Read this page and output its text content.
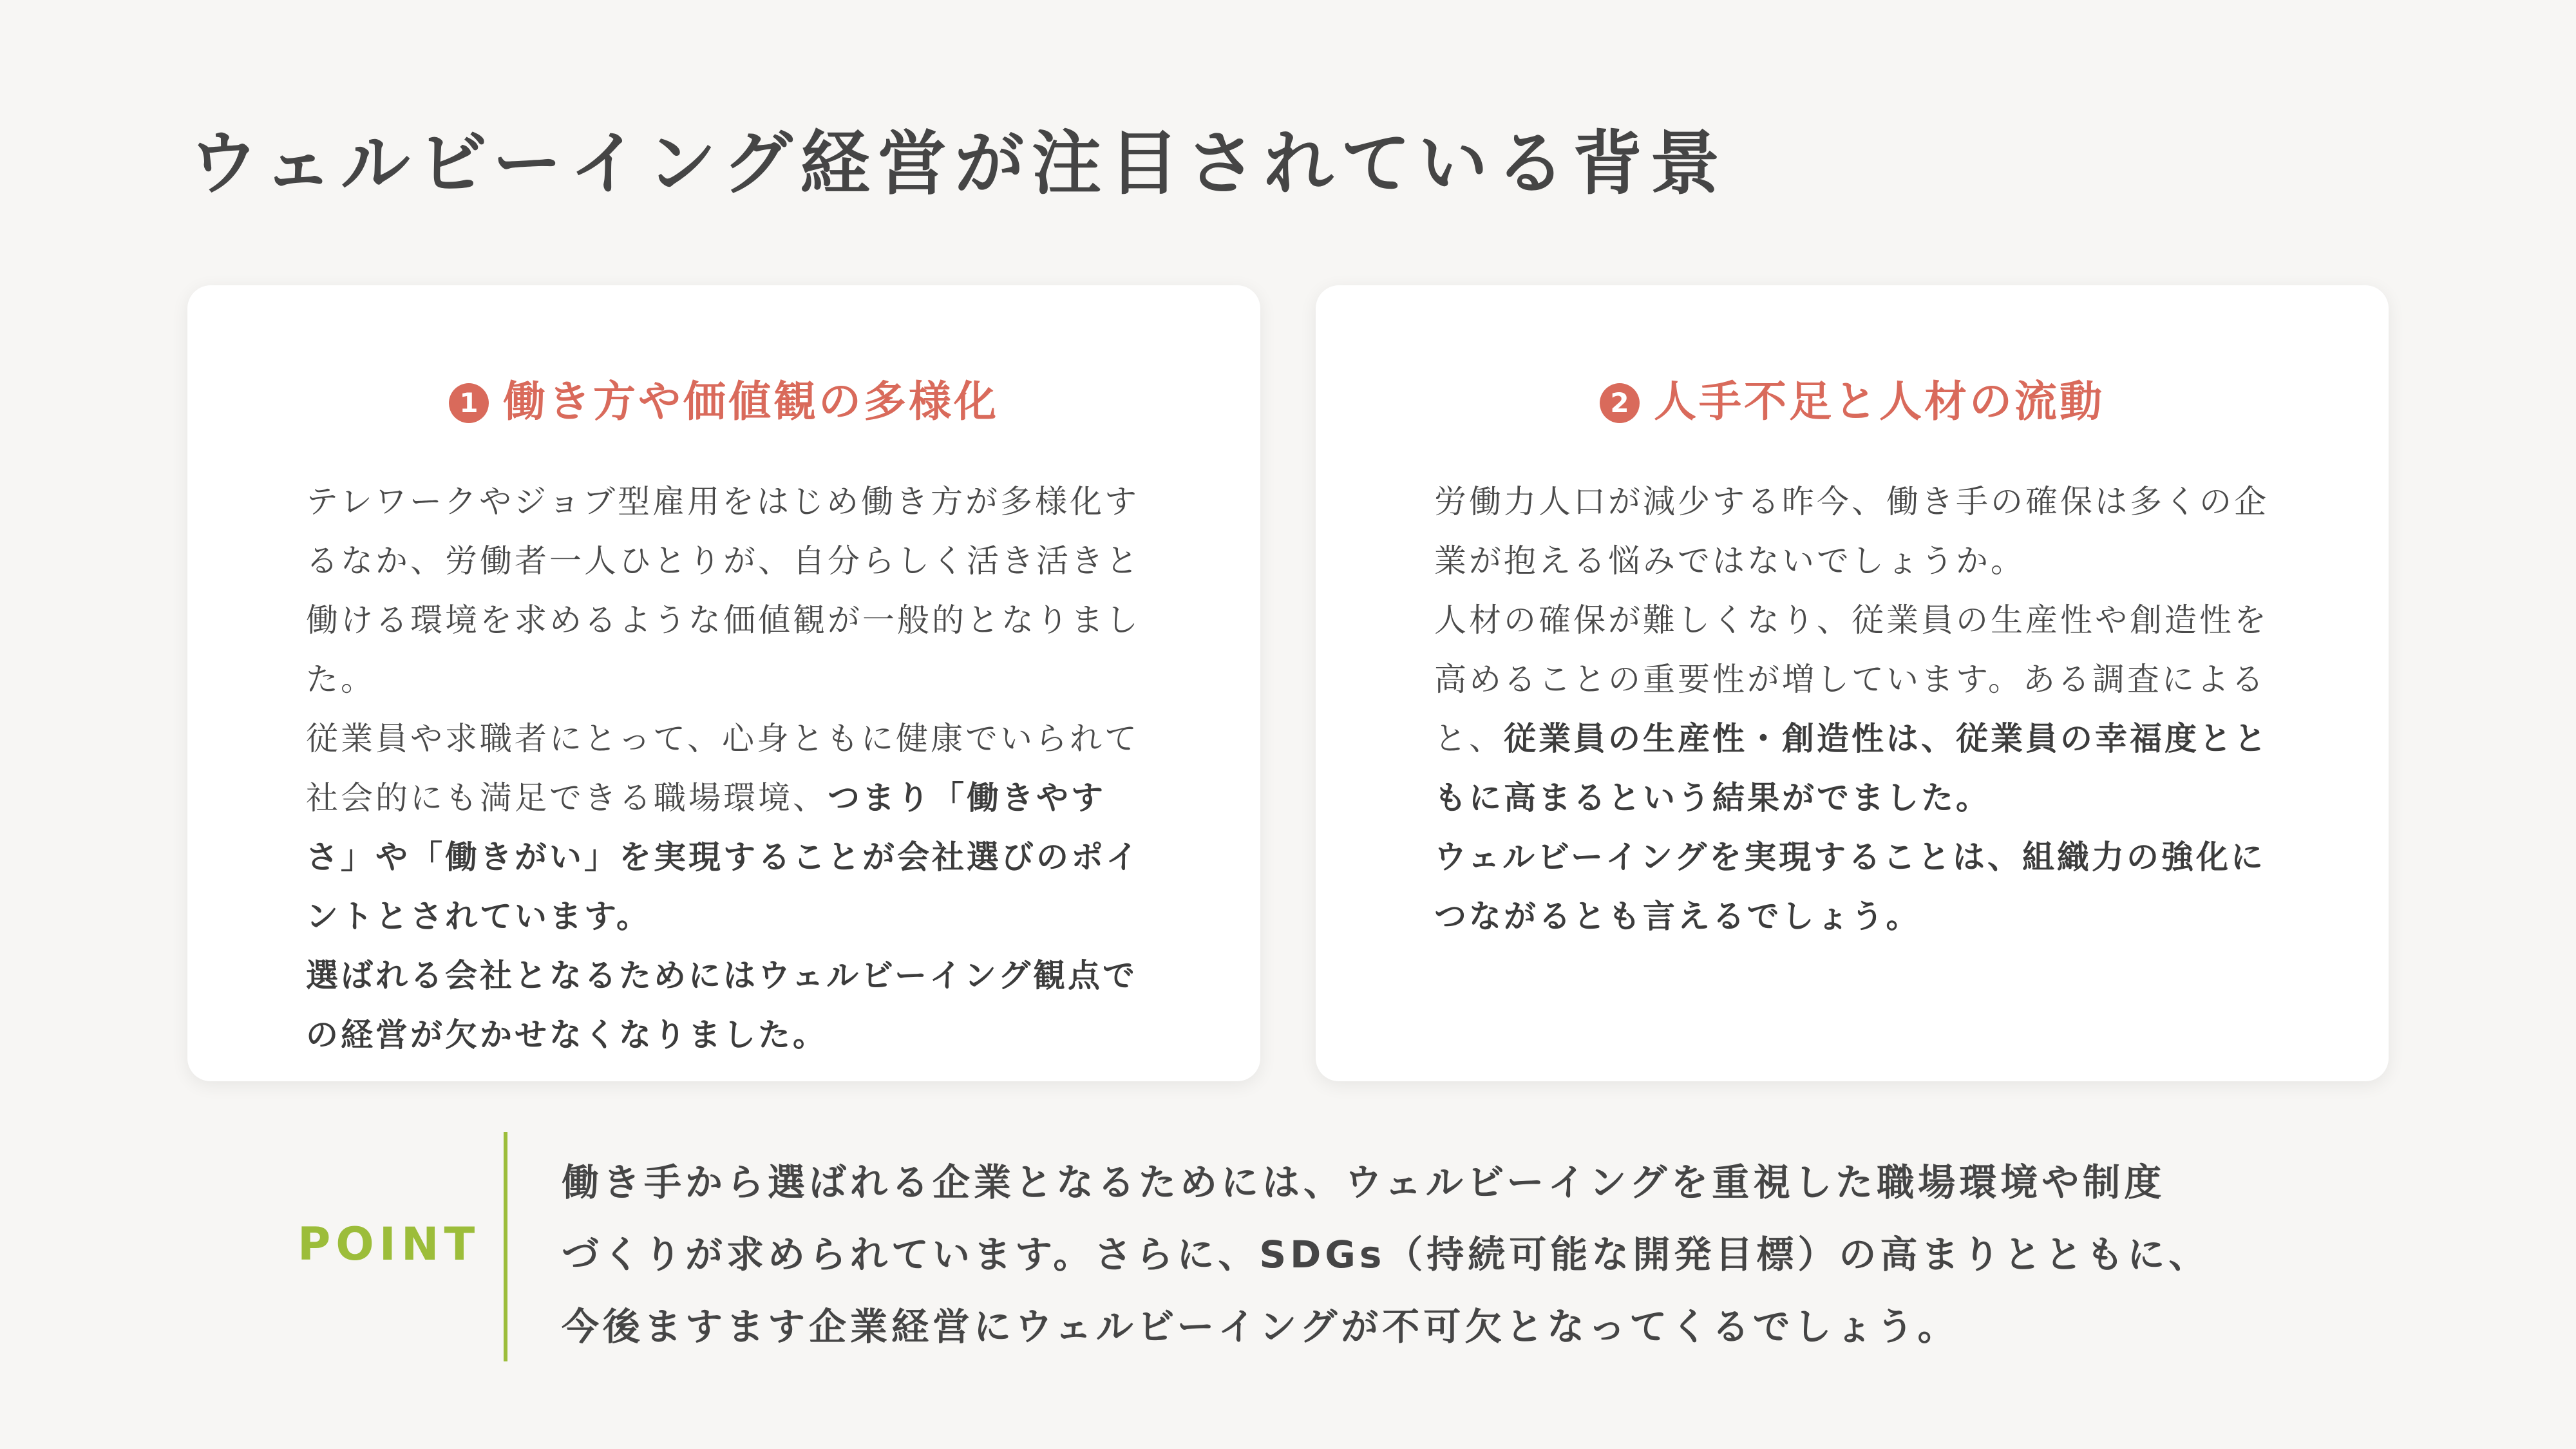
ウェルビーイング経営が注目されている背景
1 働き方や価値観の多様化
テレワークやジョブ型雇用をはじめ働き方が多様化するなか、労働者一人ひとりが、自分らしく活き活きと働ける環境を求めるような価値観が一般的となりました。
従業員や求職者にとって、心身ともに健康でいられて社会的にも満足できる職場環境、つまり「働きやすさ」や「働きがい」を実現することが会社選びのポイントとされています。
選ばれる会社となるためにはウェルビーイング観点での経営が欠かせなくなりました。
2 人手不足と人材の流動
労働力人口が減少する昨今、働き手の確保は多くの企業が抱える悩みではないでしょうか。
人材の確保が難しくなり、従業員の生産性や創造性を高めることの重要性が増しています。ある調査によると、従業員の生産性・創造性は、従業員の幸福度とともに高まるという結果がでました。
ウェルビーイングを実現することは、組織力の強化につながるとも言えるでしょう。
POINT

働き手から選ばれる企業となるためには、ウェルビーイングを重視した職場環境や制度

づくりが求められています。さらに、SDGs（持続可能な開発目標）の高まりとともに、

今後ますます企業経営にウェルビーイングが不可欠となってくるでしょう。
